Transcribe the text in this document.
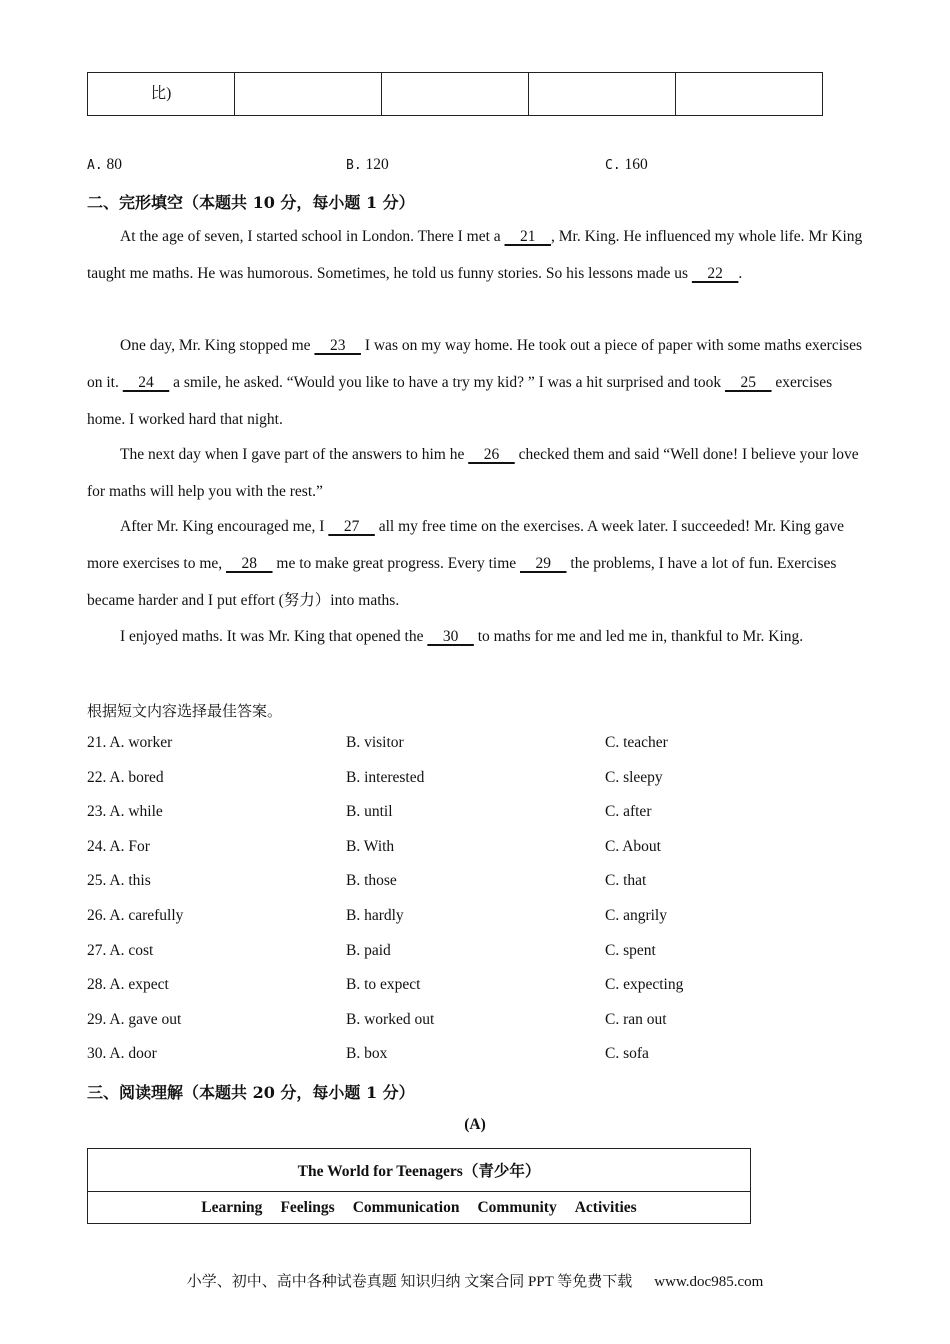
比)

A. 80	B. 120	C. 160
二、完形填空（本题共 10 分，每小题 1 分）
At the age of seven, I started school in London. There I met a     21    , Mr. King. He influenced my whole life. Mr King taught me maths. He was humorous. Sometimes, he told us funny stories. So his lessons made us     22    .
One day, Mr. King stopped me     23     I was on my way home. He took out a piece of paper with some maths exercises on it.     24     a smile, he asked. “Would you like to have a try my kid? ” I was a hit surprised and took     25     exercises home. I worked hard that night.
The next day when I gave part of the answers to him he     26     checked them and said “Well done! I believe your love for maths will help you with the rest.”
After Mr. King encouraged me, I     27     all my free time on the exercises. A week later. I succeeded! Mr. King gave more exercises to me,     28     me to make great progress. Every time     29     the problems, I have a lot of fun. Exercises became harder and I put effort (努力）into maths.
I enjoyed maths. It was Mr. King that opened the     30     to maths for me and led me in, thankful to Mr. King.
根据短文内容选择最佳答案。
21. A. worker	B. visitor	C. teacher
22. A. bored	B. interested	C. sleepy
23. A. while	B. until	C. after
24. A. For	B. With	C. About
25. A. this	B. those	C. that
26. A. carefully	B. hardly	C. angrily
27. A. cost	B. paid	C. spent
28. A. expect	B. to expect	C. expecting
29. A. gave out	B. worked out	C. ran out
30. A. door	B. box	C. sofa
三、阅读理解（本题共 20 分，每小题 1 分）
(A)
The World for Teenagers（青少年）
Learning Feelings Communication Community Activities
小学、初中、高中各种试卷真题 知识归纳 文案合同 PPT 等免费下载 www.doc985.com
